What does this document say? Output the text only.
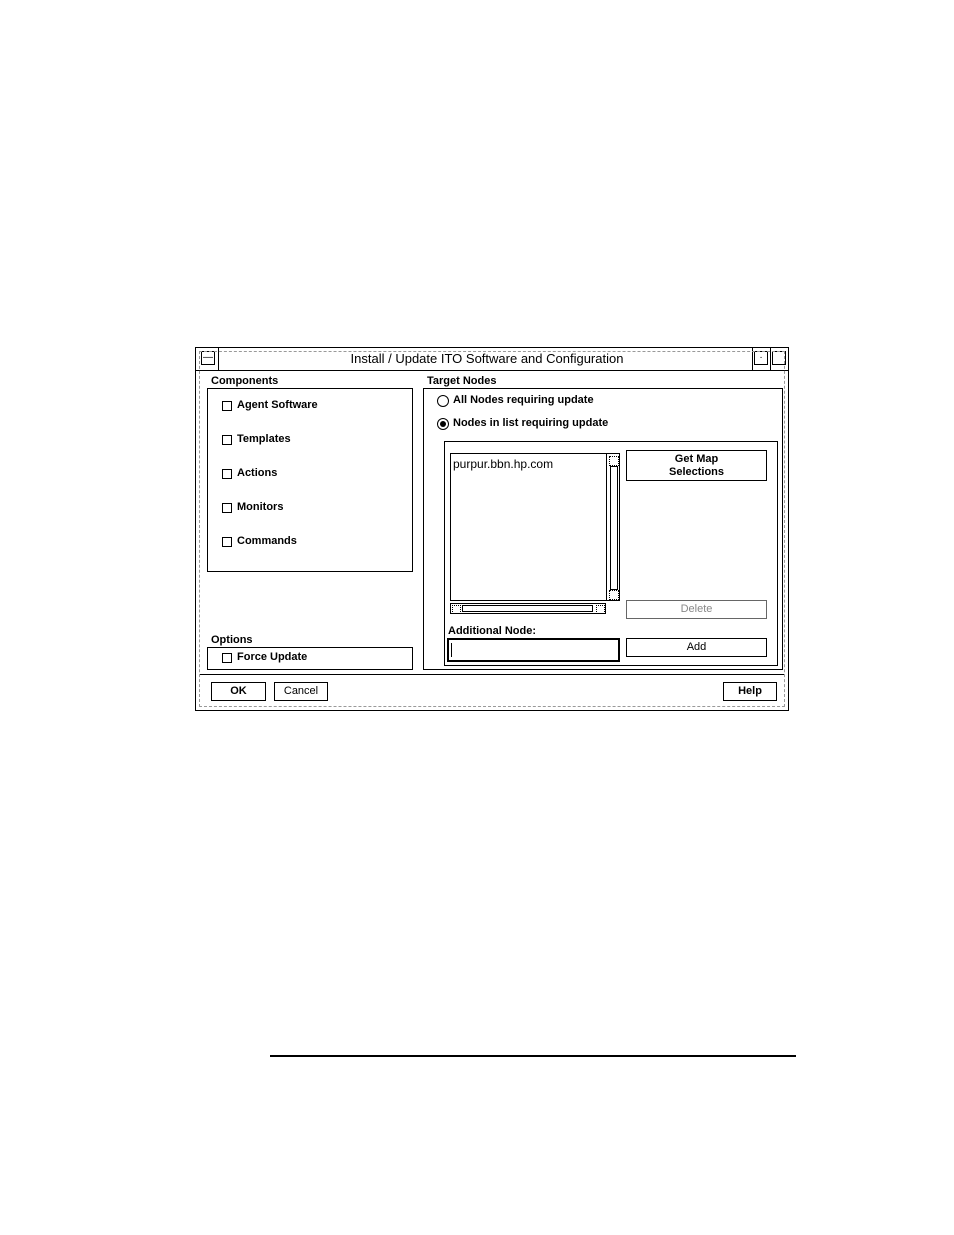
—	Install / Update ITO Software and Configuration	·
Components
Agent Software
Templates
Actions
Monitors
Commands
Options
Force Update
Target Nodes
All Nodes requiring update
Nodes in list requiring update
purpur.bbn.hp.com	Get Map
Selections
Delete
Additional Node:
Add
OK	Cancel	Help
